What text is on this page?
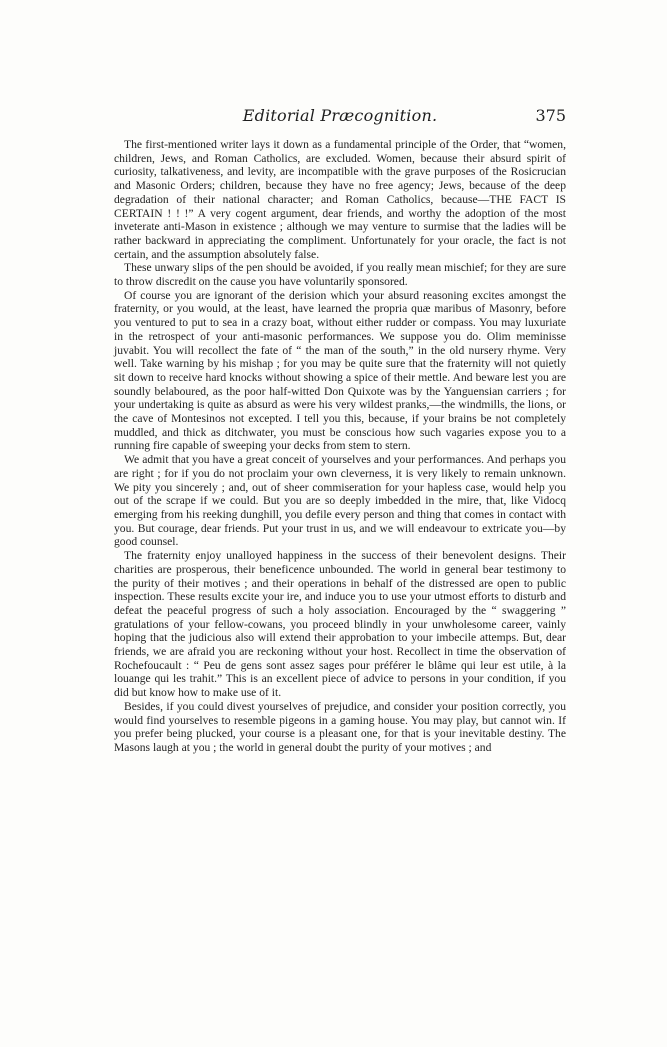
Editorial Præcognition.	375

The first-mentioned writer lays it down as a fundamental principle of the Order, that “women, children, Jews, and Roman Catholics, are excluded. Women, because their absurd spirit of curiosity, talkativeness, and levity, are incompatible with the grave purposes of the Rosicrucian and Masonic Orders; children, because they have no free agency; Jews, because of the deep degradation of their national character; and Roman Catholics, because—THE FACT IS CERTAIN ! ! !” A very cogent argument, dear friends, and worthy the adoption of the most inveterate anti-Mason in existence ; although we may venture to surmise that the ladies will be rather backward in appreciating the compliment. Unfortunately for your oracle, the fact is not certain, and the assumption absolutely false.

These unwary slips of the pen should be avoided, if you really mean mischief; for they are sure to throw discredit on the cause you have voluntarily sponsored.

Of course you are ignorant of the derision which your absurd reasoning excites amongst the fraternity, or you would, at the least, have learned the propria quæ maribus of Masonry, before you ventured to put to sea in a crazy boat, without either rudder or compass. You may luxuriate in the retrospect of your anti-masonic performances. We suppose you do. Olim meminisse juvabit. You will recollect the fate of “ the man of the south,” in the old nursery rhyme. Very well. Take warning by his mishap ; for you may be quite sure that the fraternity will not quietly sit down to receive hard knocks without showing a spice of their mettle. And beware lest you are soundly belaboured, as the poor half-witted Don Quixote was by the Yanguensian carriers ; for your undertaking is quite as absurd as were his very wildest pranks,—the windmills, the lions, or the cave of Montesinos not excepted. I tell you this, because, if your brains be not completely muddled, and thick as ditchwater, you must be conscious how such vagaries expose you to a running fire capable of sweeping your decks from stem to stern.

We admit that you have a great conceit of yourselves and your performances. And perhaps you are right ; for if you do not proclaim your own cleverness, it is very likely to remain unknown. We pity you sincerely ; and, out of sheer commiseration for your hapless case, would help you out of the scrape if we could. But you are so deeply imbedded in the mire, that, like Vidocq emerging from his reeking dunghill, you defile every person and thing that comes in contact with you. But courage, dear friends. Put your trust in us, and we will endeavour to extricate you—by good counsel.

The fraternity enjoy unalloyed happiness in the success of their benevolent designs. Their charities are prosperous, their beneficence unbounded. The world in general bear testimony to the purity of their motives ; and their operations in behalf of the distressed are open to public inspection. These results excite your ire, and induce you to use your utmost efforts to disturb and defeat the peaceful progress of such a holy association. Encouraged by the “ swaggering ” gratulations of your fellow-cowans, you proceed blindly in your unwholesome career, vainly hoping that the judicious also will extend their approbation to your imbecile attemps. But, dear friends, we are afraid you are reckoning without your host. Recollect in time the observation of Rochefoucault : “ Peu de gens sont assez sages pour préférer le blâme qui leur est utile, à la louange qui les trahit.” This is an excellent piece of advice to persons in your condition, if you did but know how to make use of it.

Besides, if you could divest yourselves of prejudice, and consider your position correctly, you would find yourselves to resemble pigeons in a gaming house. You may play, but cannot win. If you prefer being plucked, your course is a pleasant one, for that is your inevitable destiny. The Masons laugh at you ; the world in general doubt the purity of your motives ; and
